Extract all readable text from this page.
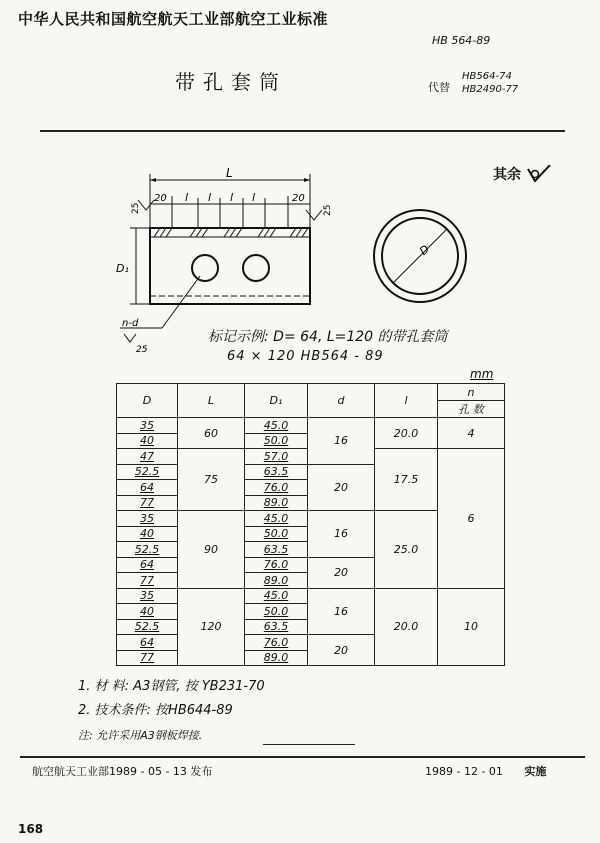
中华人民共和国航空航天工业部航空工业标准
HB 564-89
带孔套筒	代替
HB564-74
HB2490-77
其余
L
20	20
l l l l
25	25
D₁
n-d
25
D
标记示例: D= 64, L=120 的带孔套筒
64 × 120 HB564 - 89
mm
D	L	D₁	d	l	n
					孔 数
35	60	45.0	16	20.0	4
40		50.0			
47	75	57.0		17.5	6
52.5		63.5	20		
64		76.0			
77		89.0			
35	90	45.0	16	25.0	
40		50.0			
52.5		63.5			
64		76.0	20		
77		89.0			
35	120	45.0	16	20.0	10
40		50.0			
52.5		63.5			
64		76.0	20		
77		89.0			
1. 材 料: A3钢管, 按 YB231-70
2. 技术条件: 按HB644-89
注: 允许采用A3钢板焊接.
航空航天工业部1989 - 05 - 13 发布	1989 - 12 - 01 实施
168
